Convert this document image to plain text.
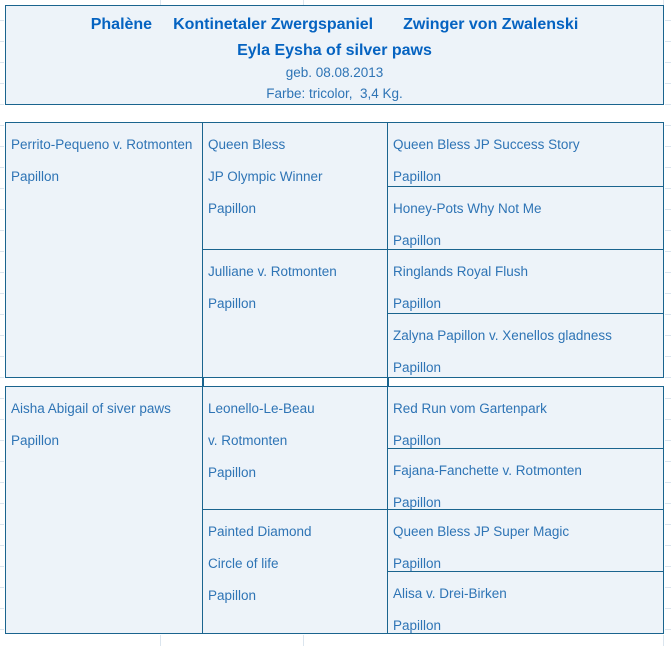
Phalène Kontinetaler Zwergspaniel Zwinger von Zwalenski
Eyla Eysha of silver paws
geb. 08.08.2013
Farbe: tricolor,  3,4 Kg.
Perrito-Pequeno v. Rotmonten
Papillon
Queen Bless
JP Olympic Winner
Papillon
Julliane v. Rotmonten
Papillon
Queen Bless JP Success Story
Papillon
Honey-Pots Why Not Me
Papillon
Ringlands Royal Flush
Papillon
Zalyna Papillon v. Xenellos gladness
Papillon
Aisha Abigail of siver paws
Papillon
Leonello-Le-Beau
v. Rotmonten
Papillon
Painted Diamond
Circle of life
Papillon
Red Run vom Gartenpark
Papillon
Fajana-Fanchette v. Rotmonten
Papillon
Queen Bless JP Super Magic
Papillon
Alisa v. Drei-Birken
Papillon
